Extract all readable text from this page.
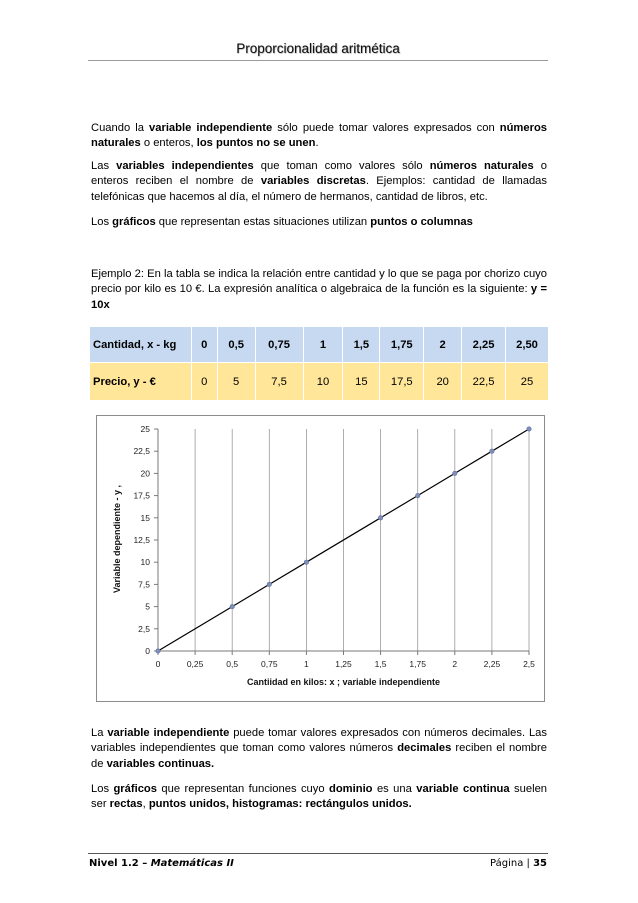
Proporcionalidad aritmética

Cuando la variable independiente sólo puede tomar valores expresados con números naturales o enteros, los puntos no se unen.

Las variables independientes que toman como valores sólo números naturales o enteros reciben el nombre de variables discretas. Ejemplos: cantidad de llamadas telefónicas que hacemos al día, el número de hermanos, cantidad de libros, etc.

Los gráficos que representan estas situaciones utilizan puntos o columnas

Ejemplo 2: En la tabla se indica la relación entre cantidad y lo que se paga por chorizo cuyo precio por kilo es 10 €. La expresión analítica o algebraica de la función es la siguiente: y = 10x

Cantidad, x - kg	0	0,5	0,75	1	1,5	1,75	2	2,25	2,50
Precio, y - €	0	5	7,5	10	15	17,5	20	22,5	25
0
2,5
5
7,5
10
12,5
15
17,5
20
22,5
25
0	0,25	0,5	0,75	1	1,25	1,5	1,75	2	2,25	2,5
Cantiidad en kilos: x ; variable independiente
Variable dependiente - y ,

La variable independiente puede tomar valores expresados con números decimales. Las variables independientes que toman como valores números decimales reciben el nombre de variables continuas.

Los gráficos que representan funciones cuyo dominio es una variable continua suelen ser rectas, puntos unidos, histogramas: rectángulos unidos.

Nivel 1.2 – Matemáticas II	Página | 35
